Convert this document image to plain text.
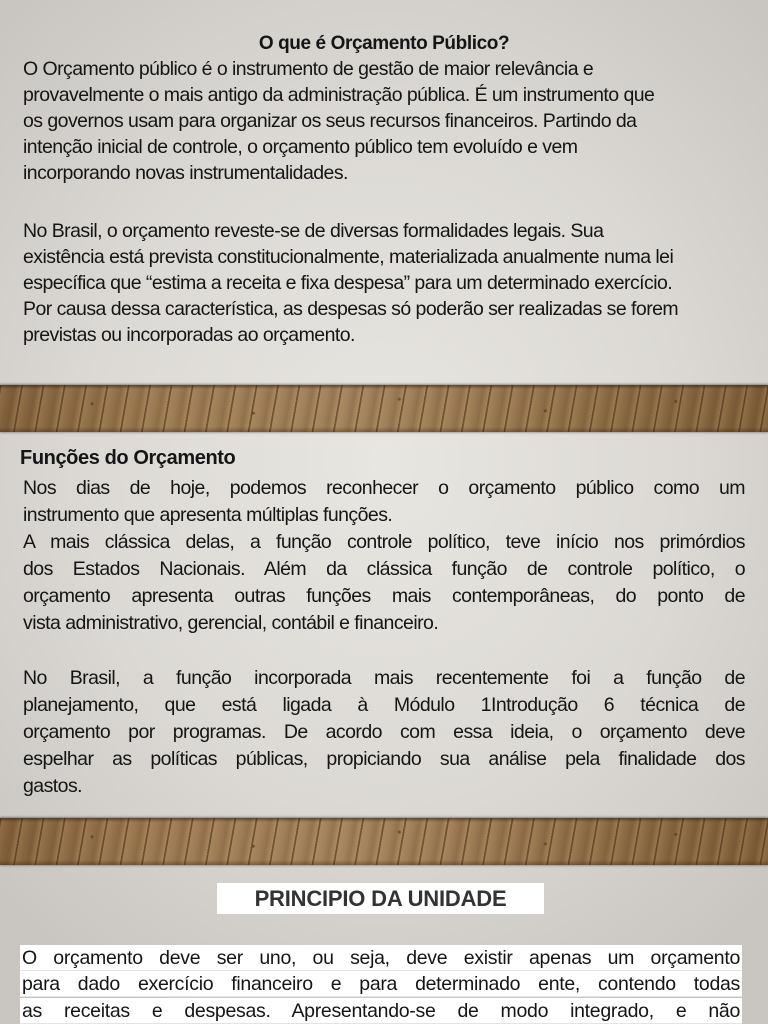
O que é Orçamento Público?
O Orçamento público é o instrumento de gestão de maior relevância e
provavelmente o mais antigo da administração pública. É um instrumento que
os governos usam para organizar os seus recursos financeiros. Partindo da
intenção inicial de controle, o orçamento público tem evoluído e vem
incorporando novas instrumentalidades.
No Brasil, o orçamento reveste-se de diversas formalidades legais. Sua
existência está prevista constitucionalmente, materializada anualmente numa lei
específica que “estima a receita e fixa despesa” para um determinado exercício.
Por causa dessa característica, as despesas só poderão ser realizadas se forem
previstas ou incorporadas ao orçamento.
Funções do Orçamento
Nos dias de hoje, podemos reconhecer o orçamento público como um
instrumento que apresenta múltiplas funções.
A mais clássica delas, a função controle político, teve início nos primórdios
dos Estados Nacionais. Além da clássica função de controle político, o
orçamento apresenta outras funções mais contemporâneas, do ponto de
vista administrativo, gerencial, contábil e financeiro.
No Brasil, a função incorporada mais recentemente foi a função de
planejamento, que está ligada à Módulo 1Introdução 6 técnica de
orçamento por programas. De acordo com essa ideia, o orçamento deve
espelhar as políticas públicas, propiciando sua análise pela finalidade dos
gastos.
PRINCIPIO DA UNIDADE
O orçamento deve ser uno, ou seja, deve existir apenas um orçamento
para dado exercício financeiro e para determinado ente, contendo todas
as receitas e despesas. Apresentando-se de modo integrado, e não
